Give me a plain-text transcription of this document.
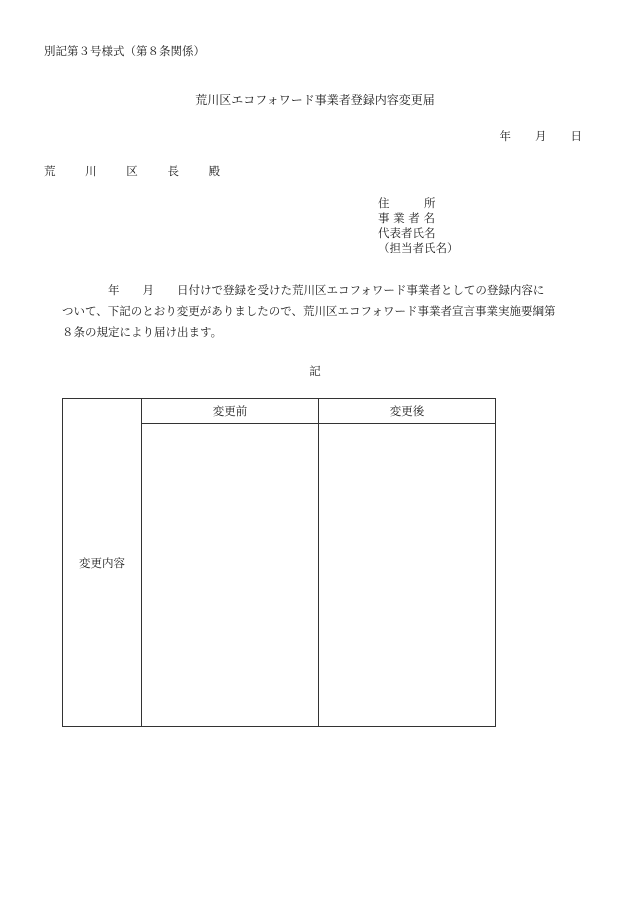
別記第３号様式（第８条関係）
荒川区エコフォワード事業者登録内容変更届
年 月 日
荒 川 区 長 殿
住　　　所
事 業 者 名
代表者氏名
（担当者氏名）

年　　月　　日付けで登録を受けた荒川区エコフォワード事業者としての登録内容に

ついて、下記のとおり変更がありましたので、荒川区エコフォワード事業者宣言事業実施要綱第

８条の規定により届け出ます。

記
変更内容	変更前	変更後
